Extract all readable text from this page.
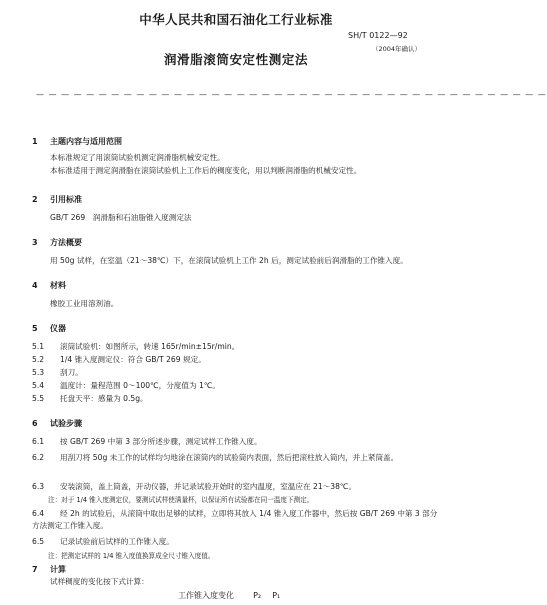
中华人民共和国石油化工行业标准
SH/T 0122—92
（2004年确认）
润滑脂滚筒安定性测定法
— — — — — — — — — — — — — — — — — — — — — — — — — — — — — — — — — — — — — — — — —
1 主题内容与适用范围
本标准规定了用滚筒试验机测定润滑脂机械安定性。
本标准适用于测定润滑脂在滚筒试验机上工作后的稠度变化，用以判断润滑脂的机械安定性。
2 引用标准
GB/T 269　润滑脂和石油脂锥入度测定法
3 方法概要
用 50g 试样，在室温（21～38℃）下，在滚筒试验机上工作 2h 后，测定试验前后润滑脂的工作锥入度。
4 材料
橡胶工业用溶剂油。
5 仪器
5.1 滚筒试验机：如图所示，转速 165r/min±15r/min。
5.2 1/4 锥入度测定仪：符合 GB/T 269 规定。
5.3 刮刀。
5.4 温度计：量程范围 0～100℃，分度值为 1℃。
5.5 托盘天平：感量为 0.5g。
6 试验步骤
6.1 按 GB/T 269 中第 3 部分所述步骤，测定试样工作锥入度。
6.2 用刮刀将 50g 未工作的试样均匀地涂在滚筒内的试验筒内表面，然后把滚柱放入筒内，并上紧筒盖。
6.3 安装滚筒，盖上筒盖，开动仪器，并记录试验开始时的室内温度，室温应在 21～38℃。
注：对于 1/4 锥入度测定仪，要测试试样使满量杯，以保证所有试验都在同一温度下测定。
6.4 经 2h 的试验后，从滚筒中取出足够的试样，立即将其放入 1/4 锥入度工作器中，然后按 GB/T 269 中第 3 部分方法测定工作锥入度。
6.5 记录试验前后试样的工作锥入度。
注：把测定试样的 1/4 锥入度值换算成全尺寸锥入度值。
7 计算
试样稠度的变化按下式计算：
工作锥入度变化 P₂ P₁
